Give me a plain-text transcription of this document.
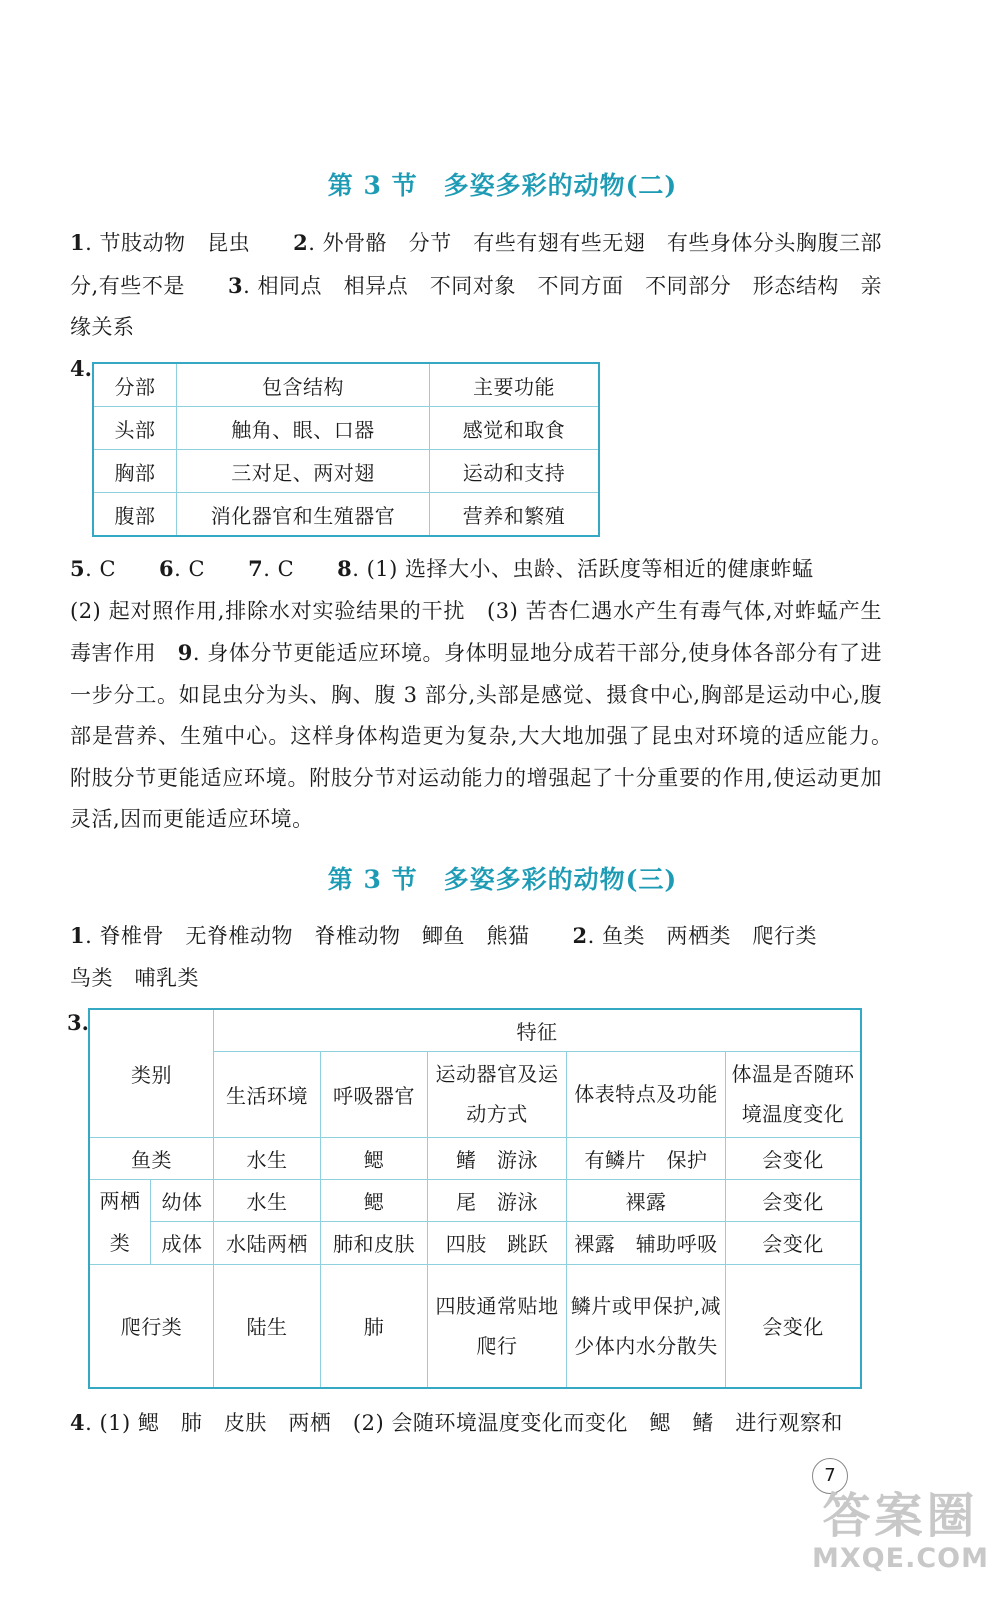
第 3 节　多姿多彩的动物(二)
1. 节肢动物　昆虫　　2. 外骨骼　分节　有些有翅有些无翅　有些身体分头胸腹三部分,有些不是　　3. 相同点　相异点　不同对象　不同方面　不同部分　形态结构　亲缘关系
4.
分部	包含结构	主要功能
头部	触角、眼、口器	感觉和取食
胸部	三对足、两对翅	运动和支持
腹部	消化器官和生殖器官	营养和繁殖
5. C　　6. C　　7. C　　8. (1) 选择大小、虫龄、活跃度等相近的健康蚱蜢
(2) 起对照作用,排除水对实验结果的干扰　(3) 苦杏仁遇水产生有毒气体,对蚱蜢产生毒害作用　9. 身体分节更能适应环境。身体明显地分成若干部分,使身体各部分有了进一步分工。如昆虫分为头、胸、腹 3 部分,头部是感觉、摄食中心,胸部是运动中心,腹部是营养、生殖中心。这样身体构造更为复杂,大大地加强了昆虫对环境的适应能力。　附肢分节更能适应环境。附肢分节对运动能力的增强起了十分重要的作用,使运动更加灵活,因而更能适应环境。
第 3 节　多姿多彩的动物(三)
1. 脊椎骨　无脊椎动物　脊椎动物　鲫鱼　熊猫　　2. 鱼类　两栖类　爬行类
鸟类　哺乳类
3.
类别		特征				
		生活环境	呼吸器官	运动器官及运动方式	体表特点及功能	体温是否随环境温度变化
鱼类		水生	鳃	鳍　游泳	有鳞片　保护	会变化
两栖类	幼体	水生	鳃	尾　游泳	裸露	会变化
	成体	水陆两栖	肺和皮肤	四肢　跳跃	裸露　辅助呼吸	会变化
爬行类		陆生	肺	四肢通常贴地爬行	鳞片或甲保护,减少体内水分散失	会变化
4. (1) 鳃　肺　皮肤　两栖　(2) 会随环境温度变化而变化　鳃　鳍　进行观察和
7
答案圈
MXQE.COM
